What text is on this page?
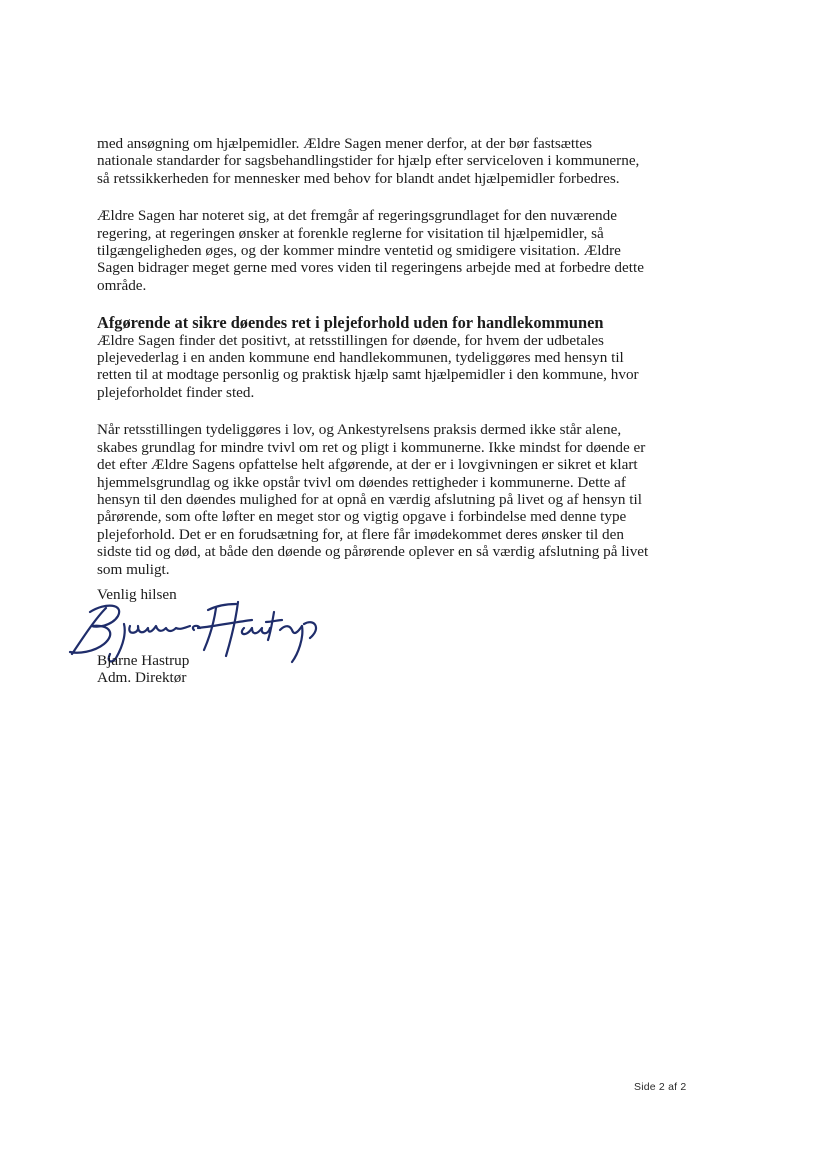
med ansøgning om hjælpemidler. Ældre Sagen mener derfor, at der bør fastsættes
nationale standarder for sagsbehandlingstider for hjælp efter serviceloven i kommunerne,
så retssikkerheden for mennesker med behov for blandt andet hjælpemidler forbedres.

Ældre Sagen har noteret sig, at det fremgår af regeringsgrundlaget for den nuværende
regering, at regeringen ønsker at forenkle reglerne for visitation til hjælpemidler, så
tilgængeligheden øges, og der kommer mindre ventetid og smidigere visitation. Ældre
Sagen bidrager meget gerne med vores viden til regeringens arbejde med at forbedre dette
område.

Afgørende at sikre døendes ret i plejeforhold uden for handlekommunen

Ældre Sagen finder det positivt, at retsstillingen for døende, for hvem der udbetales
plejevederlag i en anden kommune end handlekommunen, tydeliggøres med hensyn til
retten til at modtage personlig og praktisk hjælp samt hjælpemidler i den kommune, hvor
plejeforholdet finder sted.

Når retsstillingen tydeliggøres i lov, og Ankestyrelsens praksis dermed ikke står alene,
skabes grundlag for mindre tvivl om ret og pligt i kommunerne. Ikke mindst for døende er
det efter Ældre Sagens opfattelse helt afgørende, at der er i lovgivningen er sikret et klart
hjemmelsgrundlag og ikke opstår tvivl om døendes rettigheder i kommunerne. Dette af
hensyn til den døendes mulighed for at opnå en værdig afslutning på livet og af hensyn til
pårørende, som ofte løfter en meget stor og vigtig opgave i forbindelse med denne type
plejeforhold. Det er en forudsætning for, at flere får imødekommet deres ønsker til den
sidste tid og død, at både den døende og pårørende oplever en så værdig afslutning på livet
som muligt.

Venlig hilsen
Bjarne Hastrup
Adm. Direktør
Side 2 af 2
